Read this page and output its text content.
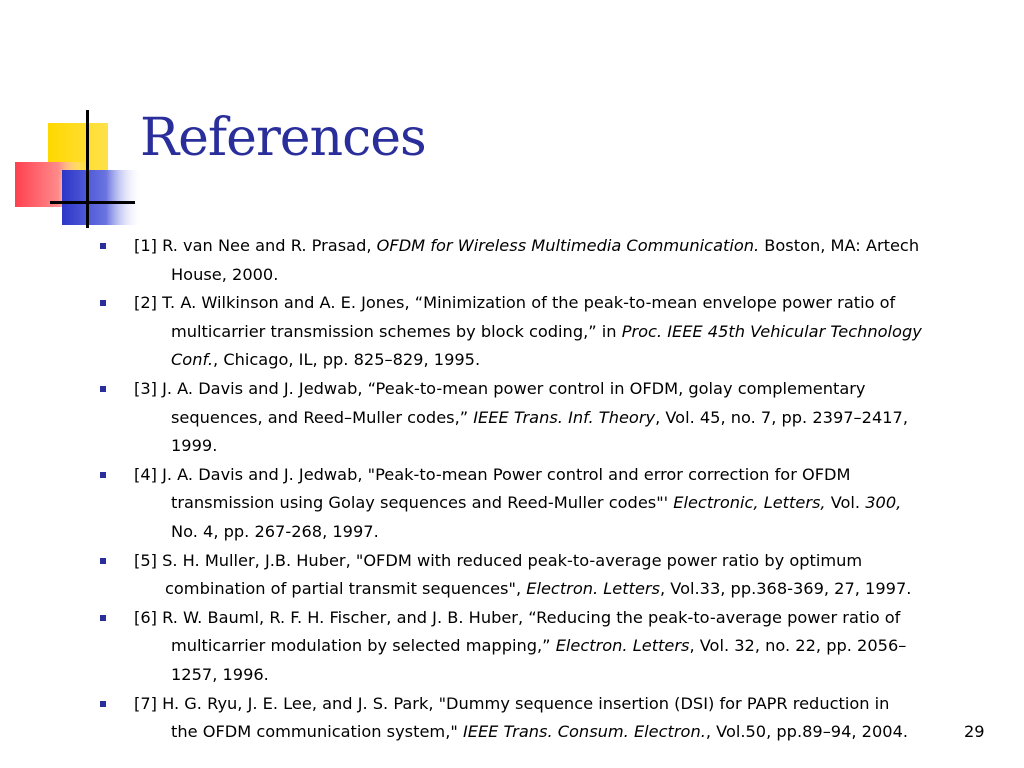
References
[1] R. van Nee and R. Prasad, OFDM for Wireless Multimedia Communication. Boston, MA: Artech
House, 2000.
[2] T. A. Wilkinson and A. E. Jones, “Minimization of the peak-to-mean envelope power ratio of
multicarrier transmission schemes by block coding,” in Proc. IEEE 45th Vehicular Technology
Conf., Chicago, IL, pp. 825–829, 1995.
[3] J. A. Davis and J. Jedwab, “Peak-to-mean power control in OFDM, golay complementary
sequences, and Reed–Muller codes,” IEEE Trans. Inf. Theory, Vol. 45, no. 7, pp. 2397–2417,
1999.
[4] J. A. Davis and J. Jedwab, "Peak-to-mean Power control and error correction for OFDM
transmission using Golay sequences and Reed-Muller codes"' Electronic, Letters, Vol. 300,
No. 4, pp. 267-268, 1997.
[5] S. H. Muller, J.B. Huber, "OFDM with reduced peak-to-average power ratio by optimum
combination of partial transmit sequences", Electron. Letters, Vol.33, pp.368-369, 27, 1997.
[6] R. W. Bauml, R. F. H. Fischer, and J. B. Huber, “Reducing the peak-to-average power ratio of
multicarrier modulation by selected mapping,” Electron. Letters, Vol. 32, no. 22, pp. 2056–
1257, 1996.
[7] H. G. Ryu, J. E. Lee, and J. S. Park, "Dummy sequence insertion (DSI) for PAPR reduction in
the OFDM communication system," IEEE Trans. Consum. Electron., Vol.50, pp.89–94, 2004.	29
